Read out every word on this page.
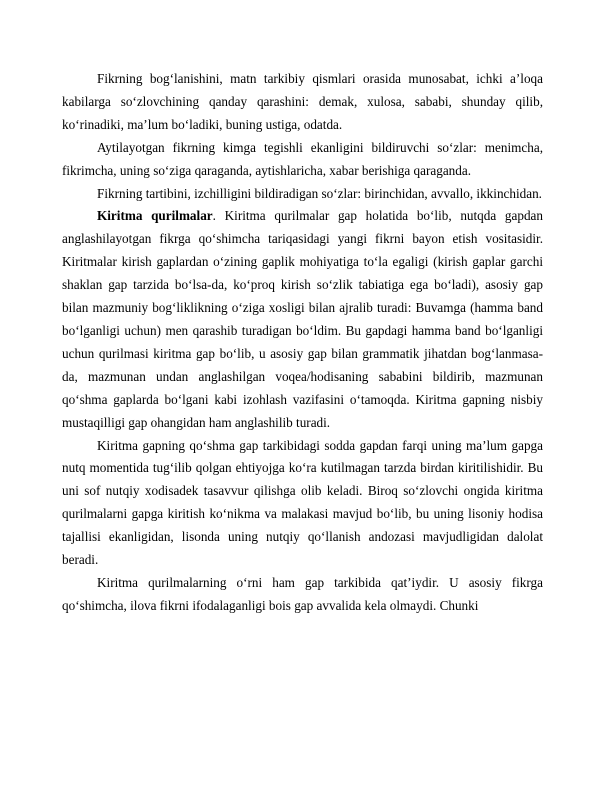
Fikrning bog‘lanishini, matn tarkibiy qismlari orasida munosabat, ichki a’loqa kabilarga so‘zlovchining qanday qarashini: demak, xulosa, sababi, shunday qilib, ko‘rinadiki, ma’lum bo‘ladiki, buning ustiga, odatda.

Aytilayotgan fikrning kimga tegishli ekanligini bildiruvchi so‘zlar: menimcha, fikrimcha, uning so‘ziga qaraganda, aytishlaricha, xabar berishiga qaraganda.

Fikrning tartibini, izchilligini bildiradigan so‘zlar: birinchidan, avvallo, ikkinchidan.

Kiritma qurilmalar. Kiritma qurilmalar gap holatida bo‘lib, nutqda gapdan anglashilayotgan fikrga qo‘shimcha tariqasidagi yangi fikrni bayon etish vositasidir. Kiritmalar kirish gaplardan o‘zining gaplik mohiyatiga to‘la egaligi (kirish gaplar garchi shaklan gap tarzida bo‘lsa-da, ko‘proq kirish so‘zlik tabiatiga ega bo‘ladi), asosiy gap bilan mazmuniy bog‘liklikning o‘ziga xosligi bilan ajralib turadi: Buvamga (hamma band bo‘lganligi uchun) men qarashib turadigan bo‘ldim. Bu gapdagi hamma band bo‘lganligi uchun qurilmasi kiritma gap bo‘lib, u asosiy gap bilan grammatik jihatdan bog‘lanmasa-da, mazmunan undan anglashilgan voqea/hodisaning sababini bildirib, mazmunan qo‘shma gaplarda bo‘lgani kabi izohlash vazifasini o‘tamoqda. Kiritma gapning nisbiy mustaqilligi gap ohangidan ham anglashilib turadi.

Kiritma gapning qo‘shma gap tarkibidagi sodda gapdan farqi uning ma’lum gapga nutq momentida tug‘ilib qolgan ehtiyojga ko‘ra kutilmagan tarzda birdan kiritilishidir. Bu uni sof nutqiy xodisadek tasavvur qilishga olib keladi. Biroq so‘zlovchi ongida kiritma qurilmalarni gapga kiritish ko‘nikma va malakasi mavjud bo‘lib, bu uning lisoniy hodisa tajallisi ekanligidan, lisonda uning nutqiy qo‘llanish andozasi mavjudligidan dalolat beradi.

Kiritma qurilmalarning o‘rni ham gap tarkibida qat’iydir. U asosiy fikrga qo‘shimcha, ilova fikrni ifodalaganligi bois gap avvalida kela olmaydi. Chunki
